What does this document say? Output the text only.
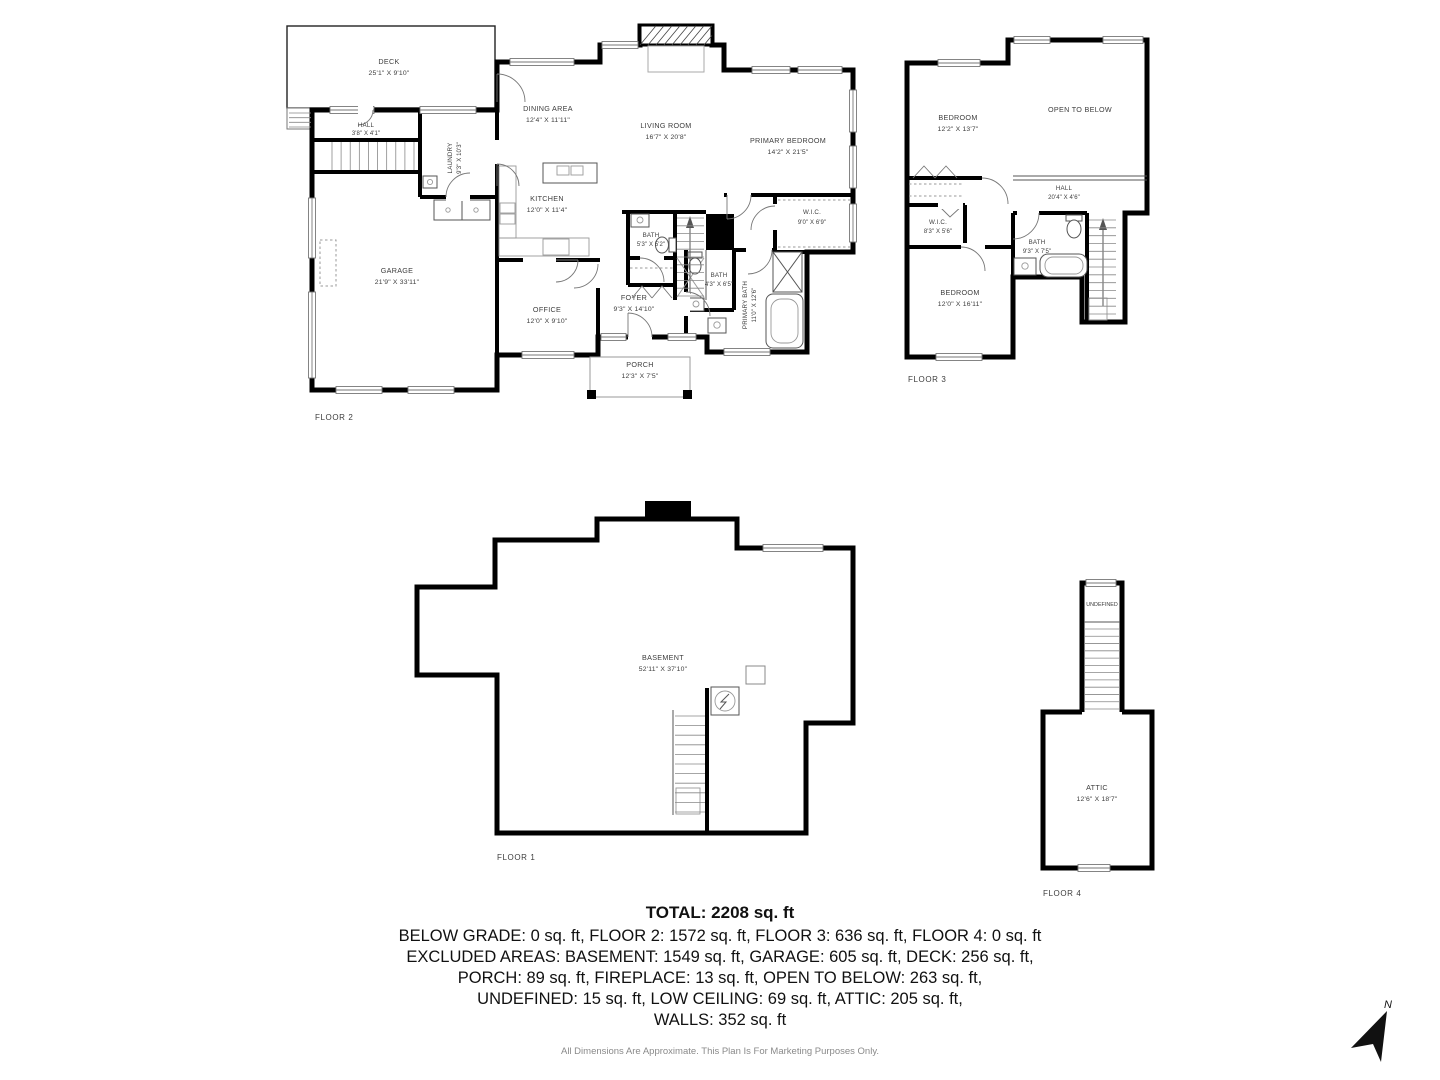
DECK
25'1" X 9'10"
HALL
3'8" X 4'1"
LAUNDRY 9'3" X 10'3"
DINING AREA
12'4" X 11'11"
LIVING ROOM
16'7" X 20'8"	PRIMARY BEDROOM
14'2" X 21'5"
KITCHEN
12'0" X 11'4"
GARAGE
21'9" X 33'11"
OFFICE
12'0" X 9'10"
FOYER
9'3" X 14'10"
BATH
5'3" X 5'2"
BATH
4'3" X 6'5"
W.I.C.
9'0" X 6'9"
PRIMARY BATH 11'0" X 12'6"
PORCH
12'3" X 7'5"
BEDROOM
12'2" X 13'7"
OPEN TO BELOW
HALL
20'4" X 4'6"
W.I.C.
8'3" X 5'6"
BATH
9'3" X 7'5"
BEDROOM
12'0" X 16'11"
BASEMENT
52'11" X 37'10"
UNDEFINED
ATTIC
12'6" X 18'7"
FLOOR 2
FLOOR 3
FLOOR 1
FLOOR 4
TOTAL: 2208 sq. ft
BELOW GRADE: 0 sq. ft, FLOOR 2: 1572 sq. ft, FLOOR 3: 636 sq. ft, FLOOR 4: 0 sq. ft
EXCLUDED AREAS: BASEMENT: 1549 sq. ft, GARAGE: 605 sq. ft, DECK: 256 sq. ft,
PORCH: 89 sq. ft, FIREPLACE: 13 sq. ft, OPEN TO BELOW: 263 sq. ft,
UNDEFINED: 15 sq. ft, LOW CEILING: 69 sq. ft, ATTIC: 205 sq. ft,
WALLS: 352 sq. ft
All Dimensions Are Approximate. This Plan Is For Marketing Purposes Only.
N
